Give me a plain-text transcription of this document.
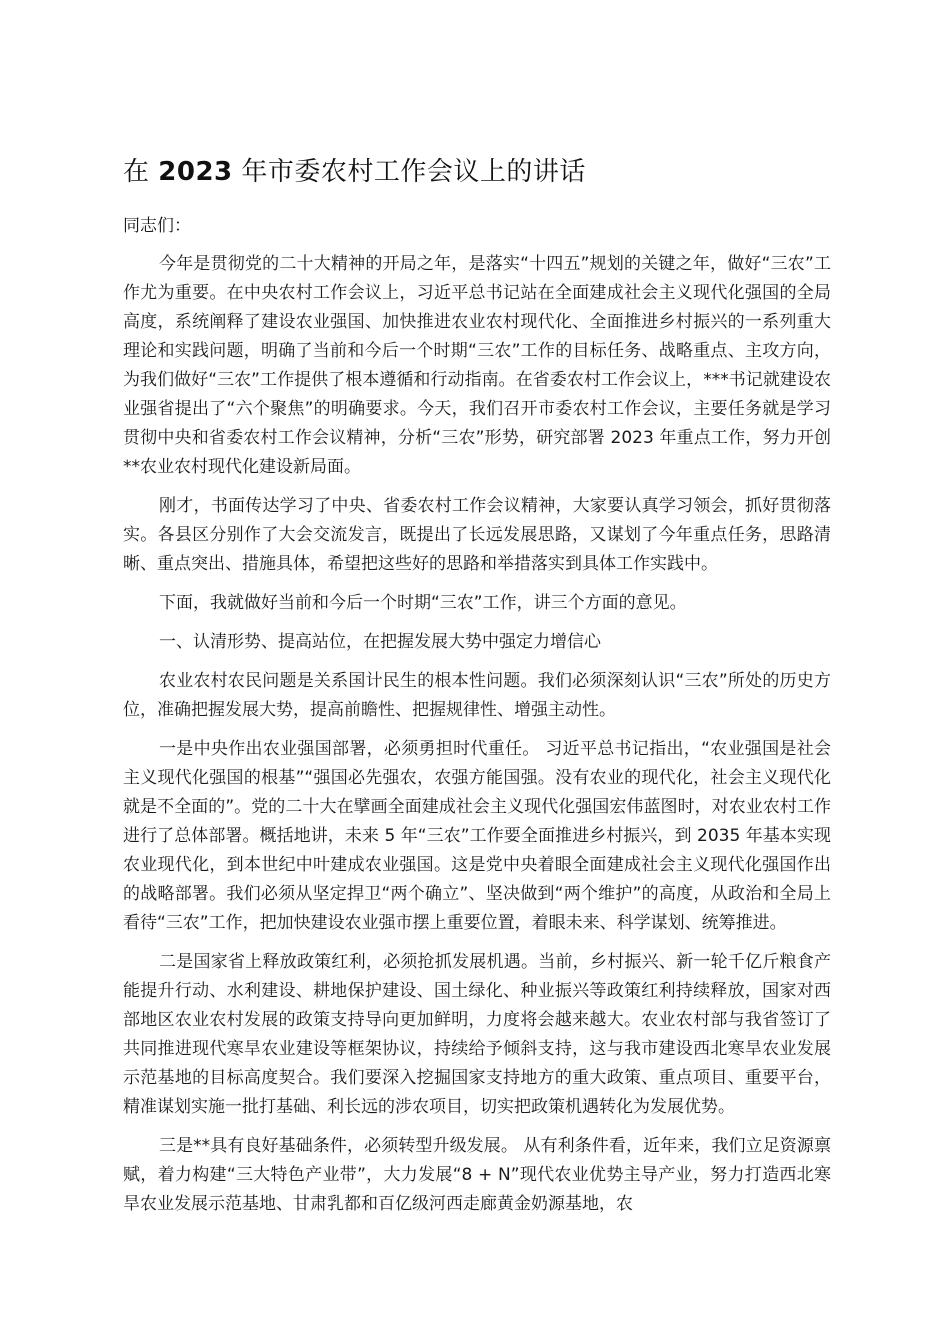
在 2023 年市委农村工作会议上的讲话

同志们：

今年是贯彻党的二十大精神的开局之年，是落实“十四五”规划的关键之年，做好“三农”工作尤为重要。在中央农村工作会议上，习近平总书记站在全面建成社会主义现代化强国的全局高度，系统阐释了建设农业强国、加快推进农业农村现代化、全面推进乡村振兴的一系列重大理论和实践问题，明确了当前和今后一个时期“三农”工作的目标任务、战略重点、主攻方向，为我们做好“三农”工作提供了根本遵循和行动指南。在省委农村工作会议上，***书记就建设农业强省提出了“六个聚焦”的明确要求。今天，我们召开市委农村工作会议，主要任务就是学习贯彻中央和省委农村工作会议精神，分析“三农”形势，研究部署 2023 年重点工作，努力开创**农业农村现代化建设新局面。

刚才，书面传达学习了中央、省委农村工作会议精神，大家要认真学习领会，抓好贯彻落实。各县区分别作了大会交流发言，既提出了长远发展思路，又谋划了今年重点任务，思路清晰、重点突出、措施具体，希望把这些好的思路和举措落实到具体工作实践中。

下面，我就做好当前和今后一个时期“三农”工作，讲三个方面的意见。

一、认清形势、提高站位，在把握发展大势中强定力增信心

农业农村农民问题是关系国计民生的根本性问题。我们必须深刻认识“三农”所处的历史方位，准确把握发展大势，提高前瞻性、把握规律性、增强主动性。

一是中央作出农业强国部署，必须勇担时代重任。 习近平总书记指出，“农业强国是社会主义现代化强国的根基”“强国必先强农，农强方能国强。没有农业的现代化，社会主义现代化就是不全面的”。党的二十大在擘画全面建成社会主义现代化强国宏伟蓝图时，对农业农村工作进行了总体部署。概括地讲，未来 5 年“三农”工作要全面推进乡村振兴，到 2035 年基本实现农业现代化，到本世纪中叶建成农业强国。这是党中央着眼全面建成社会主义现代化强国作出的战略部署。我们必须从坚定捍卫“两个确立”、坚决做到“两个维护”的高度，从政治和全局上看待“三农”工作，把加快建设农业强市摆上重要位置，着眼未来、科学谋划、统筹推进。

二是国家省上释放政策红利，必须抢抓发展机遇。当前，乡村振兴、新一轮千亿斤粮食产能提升行动、水利建设、耕地保护建设、国土绿化、种业振兴等政策红利持续释放，国家对西部地区农业农村发展的政策支持导向更加鲜明，力度将会越来越大。农业农村部与我省签订了共同推进现代寒旱农业建设等框架协议，持续给予倾斜支持，这与我市建设西北寒旱农业发展示范基地的目标高度契合。我们要深入挖掘国家支持地方的重大政策、重点项目、重要平台，精准谋划实施一批打基础、利长远的涉农项目，切实把政策机遇转化为发展优势。

三是**具有良好基础条件，必须转型升级发展。 从有利条件看，近年来，我们立足资源禀赋，着力构建“三大特色产业带”，大力发展“8 + N”现代农业优势主导产业，努力打造西北寒旱农业发展示范基地、甘肃乳都和百亿级河西走廊黄金奶源基地，农
